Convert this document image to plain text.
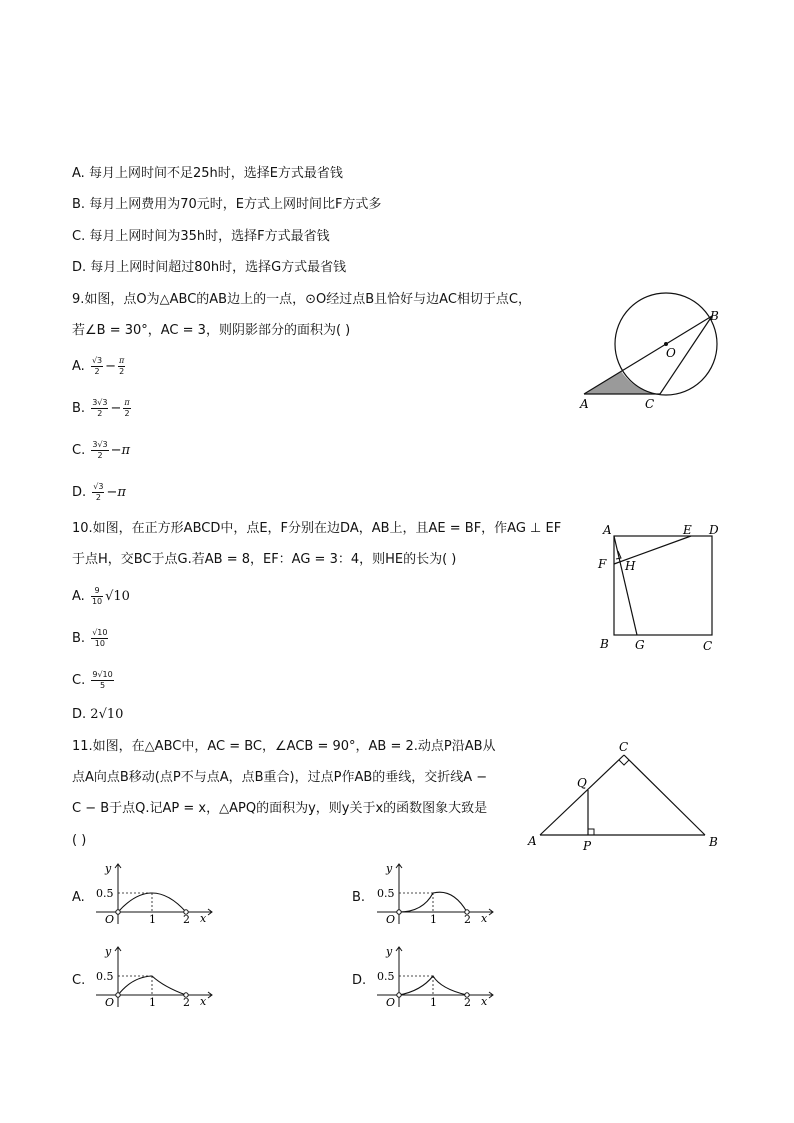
A. 每月上网时间不足25h时，选择E方式最省钱
B. 每月上网费用为70元时，E方式上网时间比F方式多
C. 每月上网时间为35h时，选择F方式最省钱
D. 每月上网时间超过80h时，选择G方式最省钱
9.如图，点O为△ABC的AB边上的一点，⊙O经过点B且恰好与边AC相切于点C，
若∠B = 30°，AC = 3，则阴影部分的面积为( )
A. $\frac{√3}{2} - \frac{\pi}{2}$
B. $\frac{3√3}{2} - \frac{\pi}{2}$
C. $\frac{3√3}{2} -\pi$
D. $\frac{√3}{2} -\pi$
A
B
C
O
10.如图，在正方形ABCD中，点E，F分别在边DA，AB上，且AE = BF，作AG ⊥ EF
于点H，交BC于点G.若AB = 8，EF：AG = 3：4，则HE的长为( )
A. $\frac{9}{10} √10$
B. $\frac{√10}{10}$
C. $\frac{9√10}{5}$
D. 2√10
A	E D
F H
B G	C
11.如图，在△ABC中，AC = BC，∠ACB = 90°，AB = 2.动点P沿AB从
点A向点B移动(点P不与点A，点B重合)，过点P作AB的垂线，交折线A −
C − B于点Q.记AP = x，△APQ的面积为y，则y关于x的函数图象大致是
( )	A	B
C
P
Q
A. 0.5
1 2 x
y
O
B. 0.5
1 2 x
y
O
C. 0.5
1 2 x
y
O
D. 0.5
1 2 x
y
O
